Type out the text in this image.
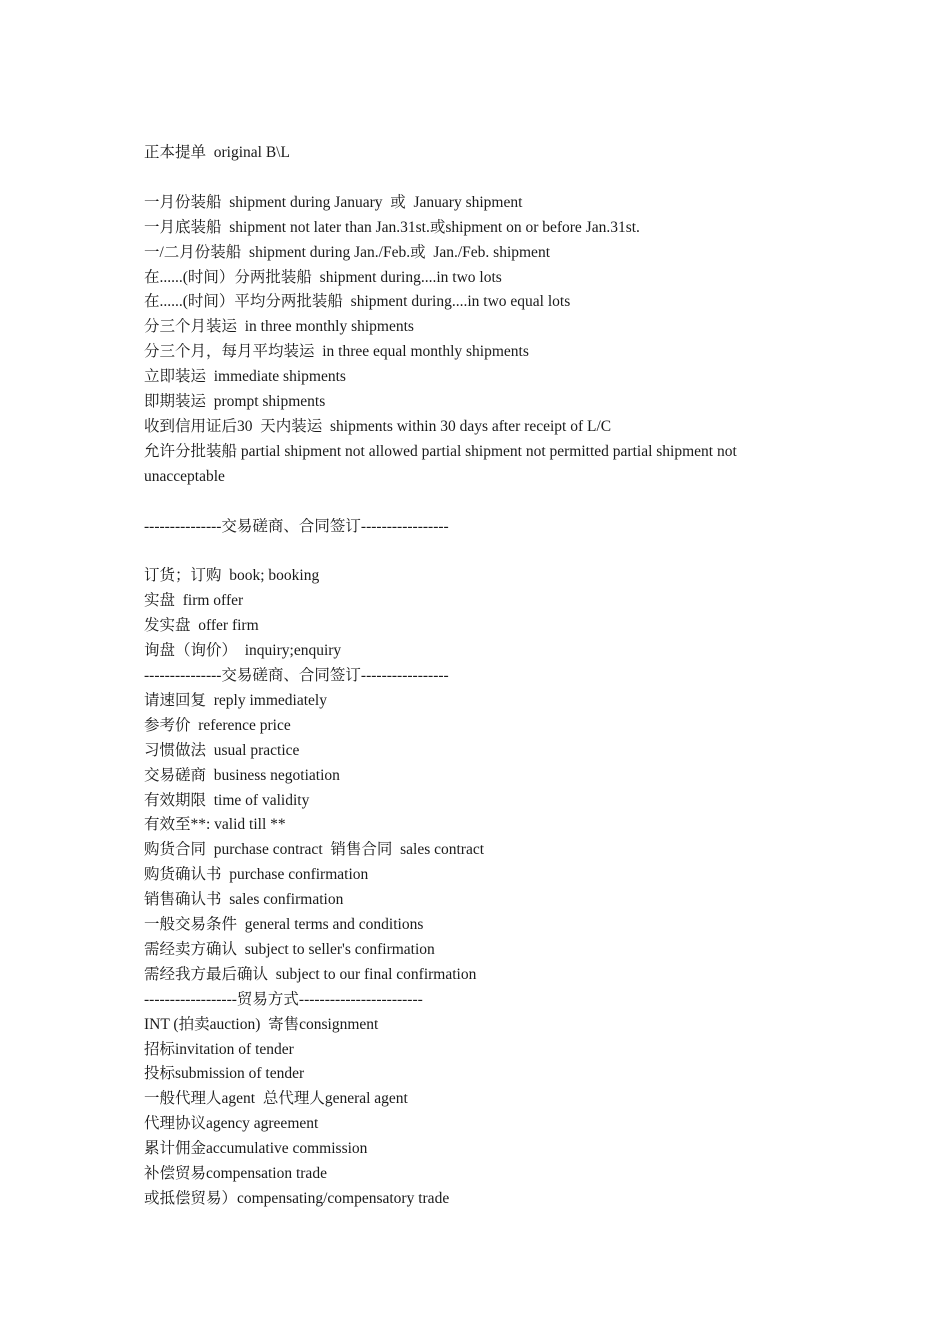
正本提单  original B\L
一月份装船  shipment during January  或  January shipment
一月底装船  shipment not later than Jan.31st.或shipment on or before Jan.31st.
一/二月份装船  shipment during Jan./Feb.或  Jan./Feb. shipment
在......(时间）分两批装船  shipment during....in two lots
在......(时间）平均分两批装船  shipment during....in two equal lots
分三个月装运  in three monthly shipments
分三个月，每月平均装运  in three equal monthly shipments
立即装运  immediate shipments
即期装运  prompt shipments
收到信用证后30  天内装运  shipments within 30 days after receipt of L/C
允许分批装船 partial shipment not allowed partial shipment not permitted partial shipment not unacceptable
---------------交易磋商、合同签订-----------------
订货；订购  book; booking
实盘  firm offer
发实盘  offer firm
询盘（询价）  inquiry;enquiry
---------------交易磋商、合同签订-----------------
请速回复  reply immediately
参考价  reference price
习惯做法  usual practice
交易磋商  business negotiation
有效期限  time of validity
有效至**: valid till **
购货合同  purchase contract  销售合同  sales contract
购货确认书  purchase confirmation
销售确认书  sales confirmation
一般交易条件  general terms and conditions
需经卖方确认  subject to seller's confirmation
需经我方最后确认  subject to our final confirmation
------------------贸易方式------------------------
INT (拍卖auction)  寄售consignment
招标invitation of tender
投标submission of tender
一般代理人agent  总代理人general agent
代理协议agency agreement
累计佣金accumulative commission
补偿贸易compensation trade
或抵偿贸易）compensating/compensatory trade
